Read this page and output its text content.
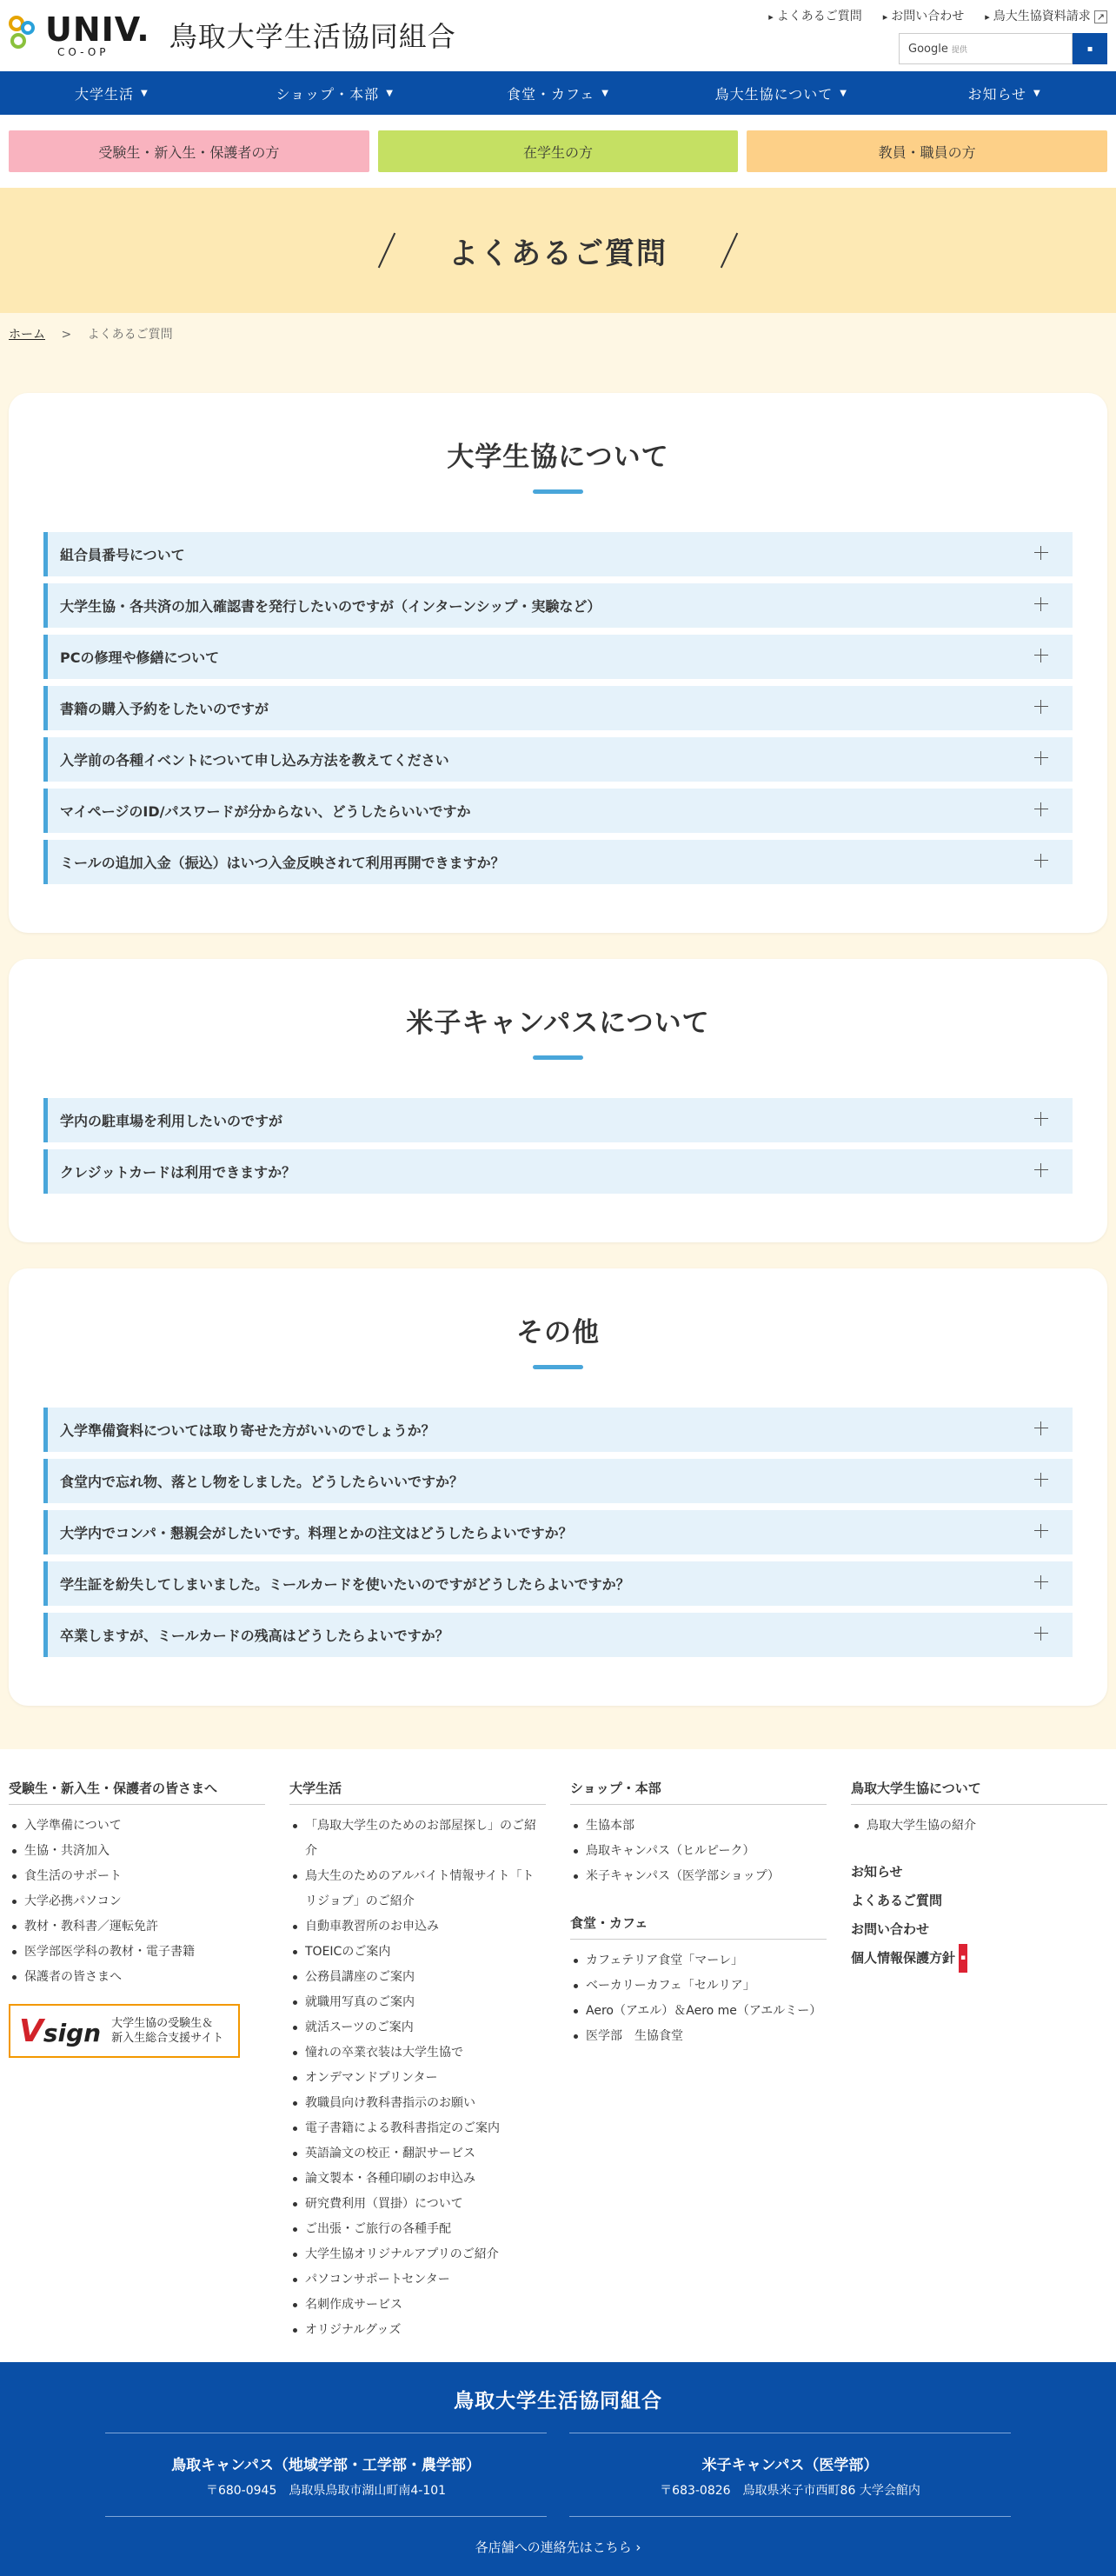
UNIV.
CO-OP	鳥取大学生活協同組合
▸ よくあるご質問	▸ お問い合わせ	▸ 鳥大生協資料請求 ↗
Google 提供	▪
大学生活 ▼	ショップ・本部 ▼	食堂・カフェ ▼	鳥大生協について ▼	お知らせ ▼
受験生・新入生・保護者の方	在学生の方	教員・職員の方
よくあるご質問
ホーム > よくあるご質問
大学生協について
組合員番号について
大学生協・各共済の加入確認書を発行したいのですが（インターンシップ・実験など）
PCの修理や修繕について
書籍の購入予約をしたいのですが
入学前の各種イベントについて申し込み方法を教えてください
マイページのID/パスワードが分からない、どうしたらいいですか
ミールの追加入金（振込）はいつ入金反映されて利用再開できますか？
米子キャンパスについて
学内の駐車場を利用したいのですが
クレジットカードは利用できますか？
その他
入学準備資料については取り寄せた方がいいのでしょうか？
食堂内で忘れ物、落とし物をしました。どうしたらいいですか？
大学内でコンパ・懇親会がしたいです。料理とかの注文はどうしたらよいですか？
学生証を紛失してしまいました。ミールカードを使いたいのですがどうしたらよいですか？
卒業しますが、ミールカードの残高はどうしたらよいですか？
受験生・新入生・保護者の皆さまへ
入学準備について
生協・共済加入
食生活のサポート
大学必携パソコン
教材・教科書／運転免許
医学部医学科の教材・電子書籍
保護者の皆さまへ
Vsign 大学生協の受験生＆
新入生総合支援サイト
大学生活
「鳥取大学生のためのお部屋探し」のご紹介
鳥大生のためのアルバイト情報サイト「トリジョブ」のご紹介
自動車教習所のお申込み
TOEICのご案内
公務員講座のご案内
就職用写真のご案内
就活スーツのご案内
憧れの卒業衣装は大学生協で
オンデマンドプリンター
教職員向け教科書指示のお願い
電子書籍による教科書指定のご案内
英語論文の校正・翻訳サービス
論文製本・各種印刷のお申込み
研究費利用（買掛）について
ご出張・ご旅行の各種手配
大学生協オリジナルアプリのご紹介
パソコンサポートセンター
名刺作成サービス
オリジナルグッズ
ショップ・本部
生協本部
鳥取キャンパス（ヒルピーク）
米子キャンパス（医学部ショップ）
食堂・カフェ
カフェテリア食堂「マーレ」
ベーカリーカフェ「セルリア」
Aero（アエル）＆Aero me（アエルミー）
医学部　生協食堂
鳥取大学生協について
鳥取大学生協の紹介
お知らせ
よくあるご質問
お問い合わせ
個人情報保護方針 ▪
鳥取大学生活協同組合
鳥取キャンパス（地域学部・工学部・農学部）
〒680-0945　鳥取県鳥取市湖山町南4-101
米子キャンパス（医学部）
〒683-0826　鳥取県米子市西町86 大学会館内
各店舗への連絡先はこちら ›
